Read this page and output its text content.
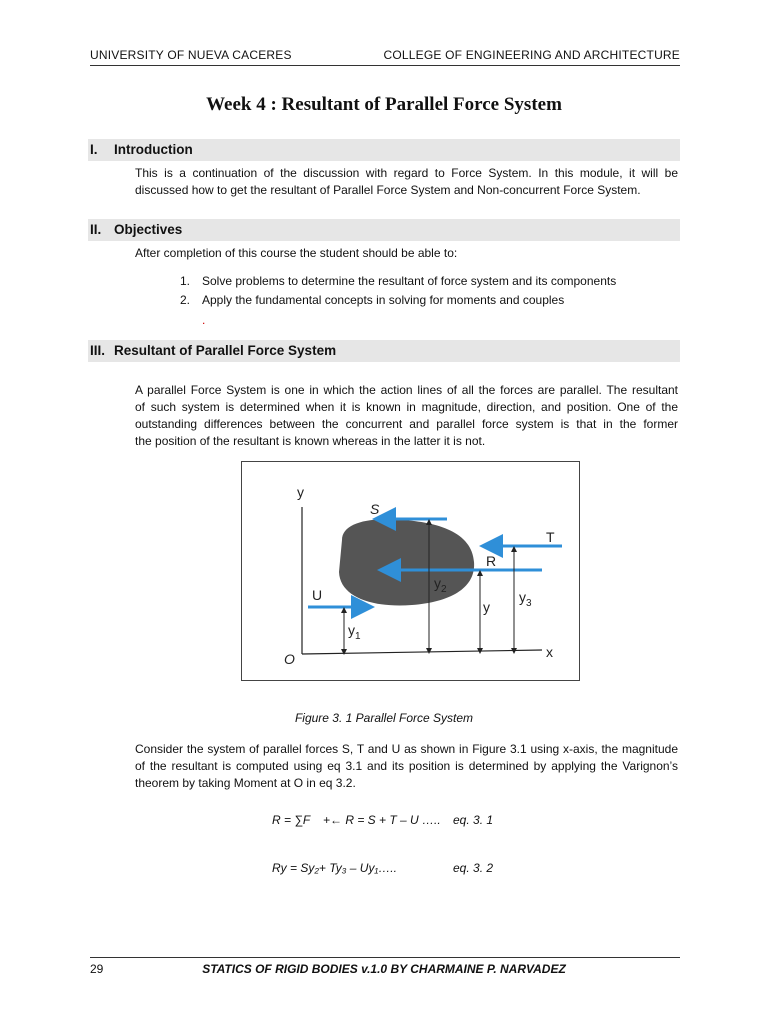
UNIVERSITY OF NUEVA CACERES	COLLEGE OF ENGINEERING AND ARCHITECTURE
Week 4 : Resultant of Parallel Force System
I. Introduction
This is a continuation of the discussion with regard to Force System. In this module, it will be
discussed how to get the resultant of Parallel Force System and Non-concurrent Force System.
II. Objectives
After completion of this course the student should be able to:
1. Solve problems to determine the resultant of force system and its components
2. Apply the fundamental concepts in solving for moments and couples
.
III. Resultant of Parallel Force System
A parallel Force System is one in which the action lines of all the forces are parallel. The resultant
of such system is determined when it is known in magnitude, direction, and position. One of the
outstanding differences between the concurrent and parallel force system is that in the former
the position of the resultant is known whereas in the latter it is not.
y
x
O
S
T
R
U
$y_2$
y
$y_3$
$y_1$
Figure 3. 1 Parallel Force System
Consider the system of parallel forces S, T and U as shown in Figure 3.1 using x-axis, the magnitude
of the resultant is computed using eq 3.1 and its position is determined by applying the Varignon’s
theorem by taking Moment at O in eq 3.2.
R = ∑F +← R = S + T – U ….. eq. 3. 1
Ry = Sy₂+ Ty₃ – Uy₁…..	eq. 3. 2
29	STATICS OF RIGID BODIES v.1.0 BY CHARMAINE P. NARVADEZ
